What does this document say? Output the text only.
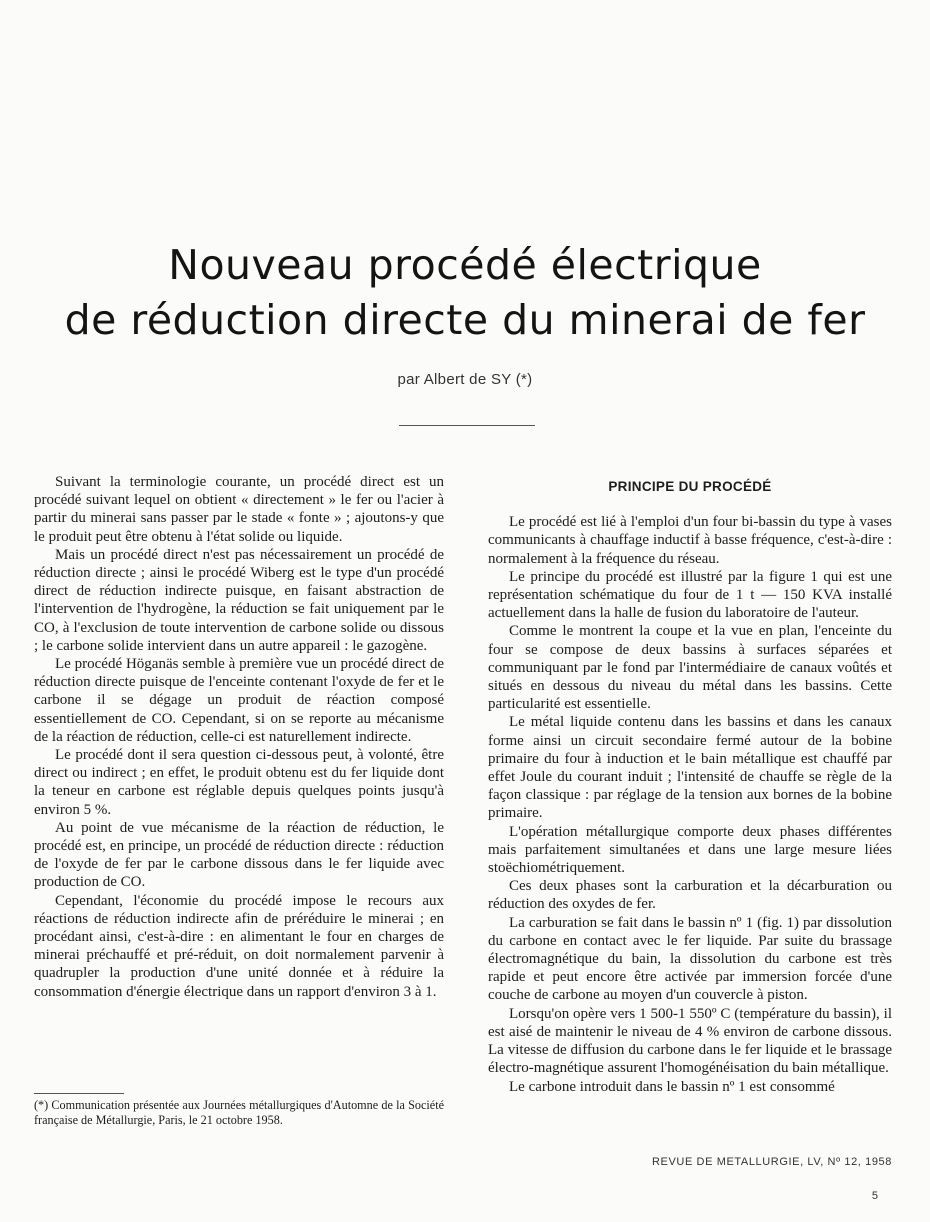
Nouveau procédé électrique
de réduction directe du minerai de fer
par Albert de SY (*)

Suivant la terminologie courante, un procédé direct est un procédé suivant lequel on obtient « directement » le fer ou l'acier à partir du minerai sans passer par le stade « fonte » ; ajoutons-y que le produit peut être obtenu à l'état solide ou liquide.

Mais un procédé direct n'est pas nécessairement un procédé de réduction directe ; ainsi le procédé Wiberg est le type d'un procédé direct de réduction indirecte puisque, en faisant abstraction de l'intervention de l'hydrogène, la réduction se fait uniquement par le CO, à l'exclusion de toute intervention de carbone solide ou dissous ; le carbone solide intervient dans un autre appareil : le gazogène.

Le procédé Höganäs semble à première vue un procédé direct de réduction directe puisque de l'enceinte contenant l'oxyde de fer et le carbone il se dégage un produit de réaction composé essentiellement de CO. Cependant, si on se reporte au mécanisme de la réaction de réduction, celle-ci est naturellement indirecte.

Le procédé dont il sera question ci-dessous peut, à volonté, être direct ou indirect ; en effet, le produit obtenu est du fer liquide dont la teneur en carbone est réglable depuis quelques points jusqu'à environ 5 %.

Au point de vue mécanisme de la réaction de réduction, le procédé est, en principe, un procédé de réduction directe : réduction de l'oxyde de fer par le carbone dissous dans le fer liquide avec production de CO.

Cependant, l'économie du procédé impose le recours aux réactions de réduction indirecte afin de préréduire le minerai ; en procédant ainsi, c'est-à-dire : en alimentant le four en charges de minerai préchauffé et pré-réduit, on doit normalement parvenir à quadrupler la production d'une unité donnée et à réduire la consommation d'énergie électrique dans un rapport d'environ 3 à 1.

(*) Communication présentée aux Journées métallurgiques d'Automne de la Société française de Métallurgie, Paris, le 21 octobre 1958.
PRINCIPE DU PROCÉDÉ

Le procédé est lié à l'emploi d'un four bi-bassin du type à vases communicants à chauffage inductif à basse fréquence, c'est-à-dire : normalement à la fréquence du réseau.

Le principe du procédé est illustré par la figure 1 qui est une représentation schématique du four de 1 t — 150 KVA installé actuellement dans la halle de fusion du laboratoire de l'auteur.

Comme le montrent la coupe et la vue en plan, l'enceinte du four se compose de deux bassins à surfaces séparées et communiquant par le fond par l'intermédiaire de canaux voûtés et situés en dessous du niveau du métal dans les bassins. Cette particularité est essentielle.

Le métal liquide contenu dans les bassins et dans les canaux forme ainsi un circuit secondaire fermé autour de la bobine primaire du four à induction et le bain métallique est chauffé par effet Joule du courant induit ; l'intensité de chauffe se règle de la façon classique : par réglage de la tension aux bornes de la bobine primaire.

L'opération métallurgique comporte deux phases différentes mais parfaitement simultanées et dans une large mesure liées stoëchiométriquement.

Ces deux phases sont la carburation et la décarburation ou réduction des oxydes de fer.

La carburation se fait dans le bassin nº 1 (fig. 1) par dissolution du carbone en contact avec le fer liquide. Par suite du brassage électromagnétique du bain, la dissolution du carbone est très rapide et peut encore être activée par immersion forcée d'une couche de carbone au moyen d'un couvercle à piston.

Lorsqu'on opère vers 1 500-1 550º C (température du bassin), il est aisé de maintenir le niveau de 4 % environ de carbone dissous. La vitesse de diffusion du carbone dans le fer liquide et le brassage électro-magnétique assurent l'homogénéisation du bain métallique.

Le carbone introduit dans le bassin nº 1 est consommé

REVUE DE METALLURGIE, LV, Nº 12, 1958
5
